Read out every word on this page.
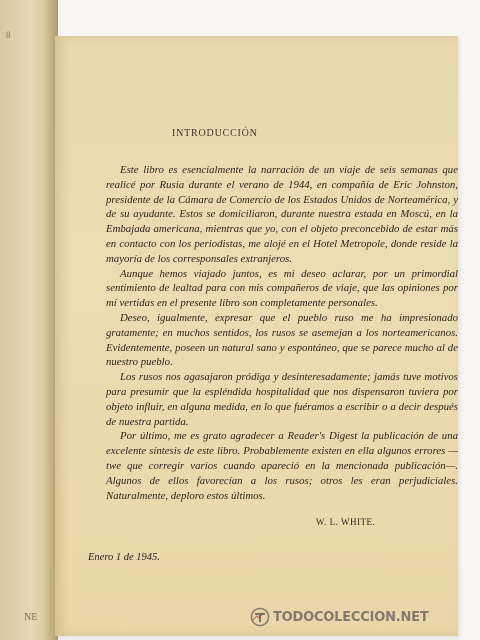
8
NE
INTRODUCCIÓN

Este libro es esencialmente la narración de un viaje de seis semanas que realicé por Rusia durante el verano de 1944, en compañía de Eric Johnston, presidente de la Cámara de Comercio de los Estados Unidos de Norteamérica, y de su ayudante. Estos se domiciliaron, durante nuestra estada en Moscú, en la Embajada americana, mientras que yo, con el objeto preconcebido de estar más en contacto con los periodistas, me alojé en el Hotel Metropole, donde reside la mayoría de los corresponsales extranjeros.

Aunque hemos viajado juntos, es mi deseo aclarar, por un primordial sentimiento de lealtad para con mis compañeros de viaje, que las opiniones por mí vertidas en el presente libro son completamente personales.

Deseo, igualmente, expresar que el pueblo ruso me ha impresionado gratamente; en muchos sentidos, los rusos se asemejan a los norteamericanos. Evidentemente, poseen un natural sano y espontáneo, que se parece mucho al de nuestro pueblo.

Los rusos nos agasajaron pródiga y desinteresadamente; jamás tuve motivos para presumir que la espléndida hospitalidad que nos dispensaron tuviera por objeto influir, en alguna medida, en lo que fuéramos a escribir o a decir después de nuestra partida.

Por último, me es grato agradecer a Reader's Digest la publicación de una excelente síntesis de este libro. Probablemente existen en ella algunos errores —twe que corregir varios cuando apareció en la mencionada publicación—. Algunos de ellos favorecían a los rusos; otros les eran perjudiciales. Naturalmente, deploro estos últimos.

W. L. WHITE.
Enero 1 de 1945.
TODOCOLECCION.NET
